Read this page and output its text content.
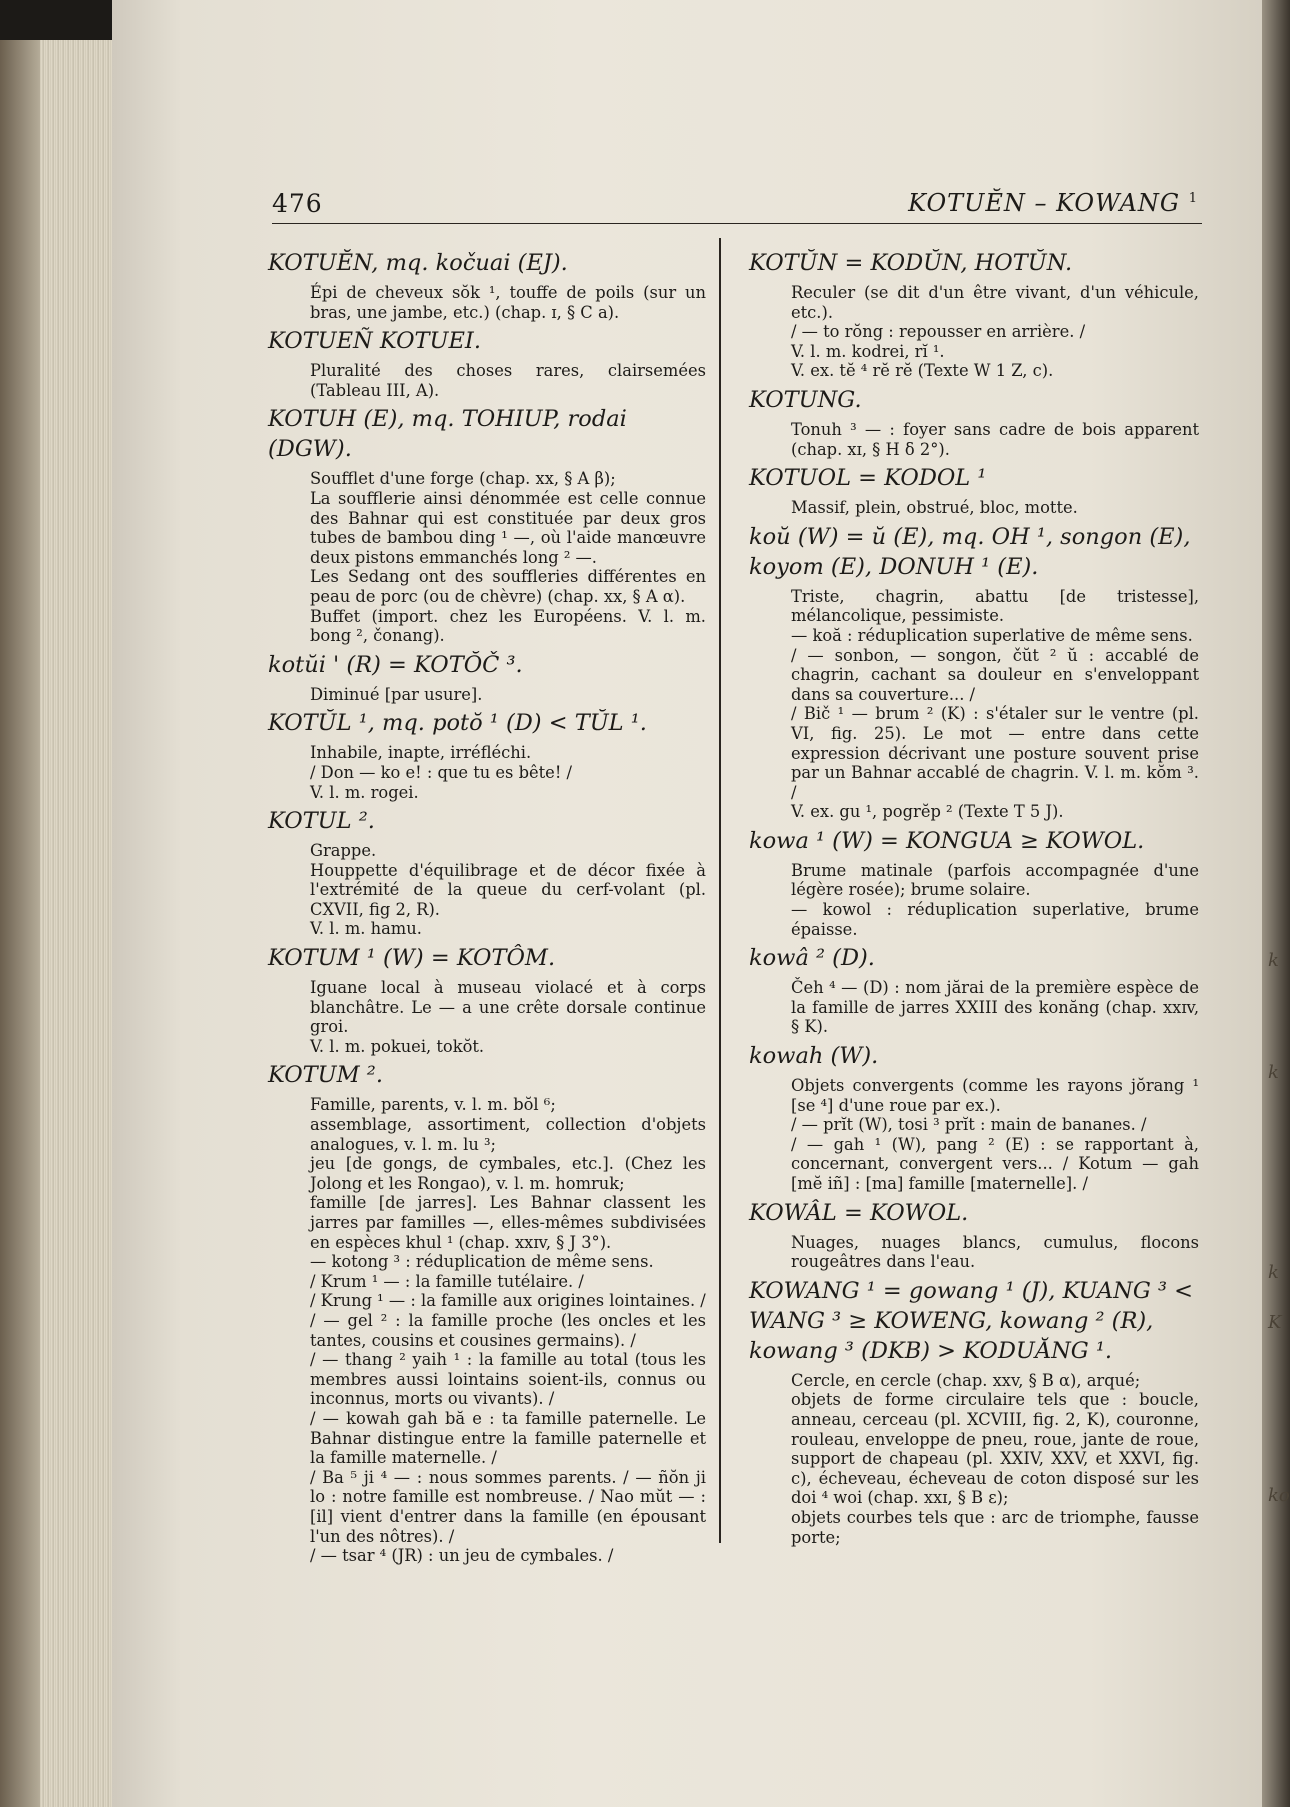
k
k
k
K
ko
476	KOTUĔN – KOWANG $^1$
KOTUĔN, mq. kočuai (EJ).

Épi de cheveux sŏk ¹, touffe de poils (sur un bras, une jambe, etc.) (chap. ɪ, § C a).

KOTUEÑ KOTUEI.

Pluralité des choses rares, clairsemées (Tableau III, A).

KOTUH (E), mq. TOHIUP, rodai (DGW).

Soufflet d'une forge (chap. xx, § A β);

La soufflerie ainsi dénommée est celle connue des Bahnar qui est constituée par deux gros tubes de bambou ding ¹ —, où l'aide manœuvre deux pistons emmanchés long ² —.

Les Sedang ont des souffleries différentes en peau de porc (ou de chèvre) (chap. xx, § A α).

Buffet (import. chez les Européens. V. l. m. bong ², čonang).

kotŭi ' (R) = KOTŎČ ³.

Diminué [par usure].

KOTŬL ¹, mq. potŏ ¹ (D) < TŬL ¹.

Inhabile, inapte, irréfléchi.

/ Don — ko e! : que tu es bête! /

V. l. m. rogei.

KOTUL ².

Grappe.

Houppette d'équilibrage et de décor fixée à l'extrémité de la queue du cerf-volant (pl. CXVII, fig 2, R).

V. l. m. hamu.

KOTUM ¹ (W) = KOTÔM.

Iguane local à museau violacé et à corps blanchâtre. Le — a une crête dorsale continue groi.

V. l. m. pokuei, tokŏt.

KOTUM ².

Famille, parents, v. l. m. bŏl ⁶;

assemblage, assortiment, collection d'objets analogues, v. l. m. lu ³;

jeu [de gongs, de cymbales, etc.]. (Chez les Jolong et les Rongao), v. l. m. homruk;

famille [de jarres]. Les Bahnar classent les jarres par familles —, elles-mêmes subdivisées en espèces khul ¹ (chap. xxɪv, § J 3°).

— kotong ³ : réduplication de même sens.

/ Krum ¹ — : la famille tutélaire. /

/ Krung ¹ — : la famille aux origines lointaines. /

/ — gel ² : la famille proche (les oncles et les tantes, cousins et cousines germains). /

/ — thang ² yaih ¹ : la famille au total (tous les membres aussi lointains soient-ils, connus ou inconnus, morts ou vivants). /

/ — kowah gah bă e : ta famille paternelle. Le Bahnar distingue entre la famille paternelle et la famille maternelle. /

/ Ba ⁵ ji ⁴ — : nous sommes parents. / — ñŏn ji lo : notre famille est nombreuse. / Nao mŭt — : [il] vient d'entrer dans la famille (en épousant l'un des nôtres). /

/ — tsar ⁴ (JR) : un jeu de cymbales. /

KOTŬN = KODŬN, HOTŬN.

Reculer (se dit d'un être vivant, d'un véhicule, etc.).

/ — to rŏng : repousser en arrière. /

V. l. m. kodrei, rĭ ¹.

V. ex. tĕ ⁴ rĕ rĕ (Texte W 1 Z, c).

KOTUNG.

Tonuh ³ — : foyer sans cadre de bois apparent (chap. xɪ, § H δ 2°).

KOTUOL = KODOL ¹

Massif, plein, obstrué, bloc, motte.

koŭ (W) = ŭ (E), mq. OH ¹, songon (E), koyom (E), DONUH ¹ (E).

Triste, chagrin, abattu [de tristesse], mélancolique, pessimiste.

— koă : réduplication superlative de même sens.

/ — sonbon, — songon, čŭt ² ŭ : accablé de chagrin, cachant sa douleur en s'enveloppant dans sa couverture... /

/ Bič ¹ — brum ² (K) : s'étaler sur le ventre (pl. VI, fig. 25). Le mot — entre dans cette expression décrivant une posture souvent prise par un Bahnar accablé de chagrin. V. l. m. kŏm ³. /

V. ex. gu ¹, pogrĕp ² (Texte T 5 J).

kowa ¹ (W) = KONGUA ≥ KOWOL.

Brume matinale (parfois accompagnée d'une légère rosée); brume solaire.

— kowol : réduplication superlative, brume épaisse.

kowâ ² (D).

Čeh ⁴ — (D) : nom jărai de la première espèce de la famille de jarres XXIII des konăng (chap. xxɪv, § K).

kowah (W).

Objets convergents (comme les rayons jŏrang ¹ [se ⁴] d'une roue par ex.).

/ — prĭt (W), tosi ³ prĭt : main de bananes. /

/ — gah ¹ (W), pang ² (E) : se rapportant à, concernant, convergent vers... / Kotum — gah [mĕ iñ] : [ma] famille [maternelle]. /

KOWÂL = KOWOL.

Nuages, nuages blancs, cumulus, flocons rougeâtres dans l'eau.

KOWANG ¹ = gowang ¹ (J), KUANG ³ < WANG ³ ≥ KOWENG, kowang ² (R), kowang ³ (DKB) > KODUĂNG ¹.

Cercle, en cercle (chap. xxv, § B α), arqué;

objets de forme circulaire tels que : boucle, anneau, cerceau (pl. XCVIII, fig. 2, K), couronne, rouleau, enveloppe de pneu, roue, jante de roue, support de chapeau (pl. XXIV, XXV, et XXVI, fig. c), écheveau, écheveau de coton disposé sur les doi ⁴ woi (chap. xxɪ, § B ε);

objets courbes tels que : arc de triomphe, fausse porte;
